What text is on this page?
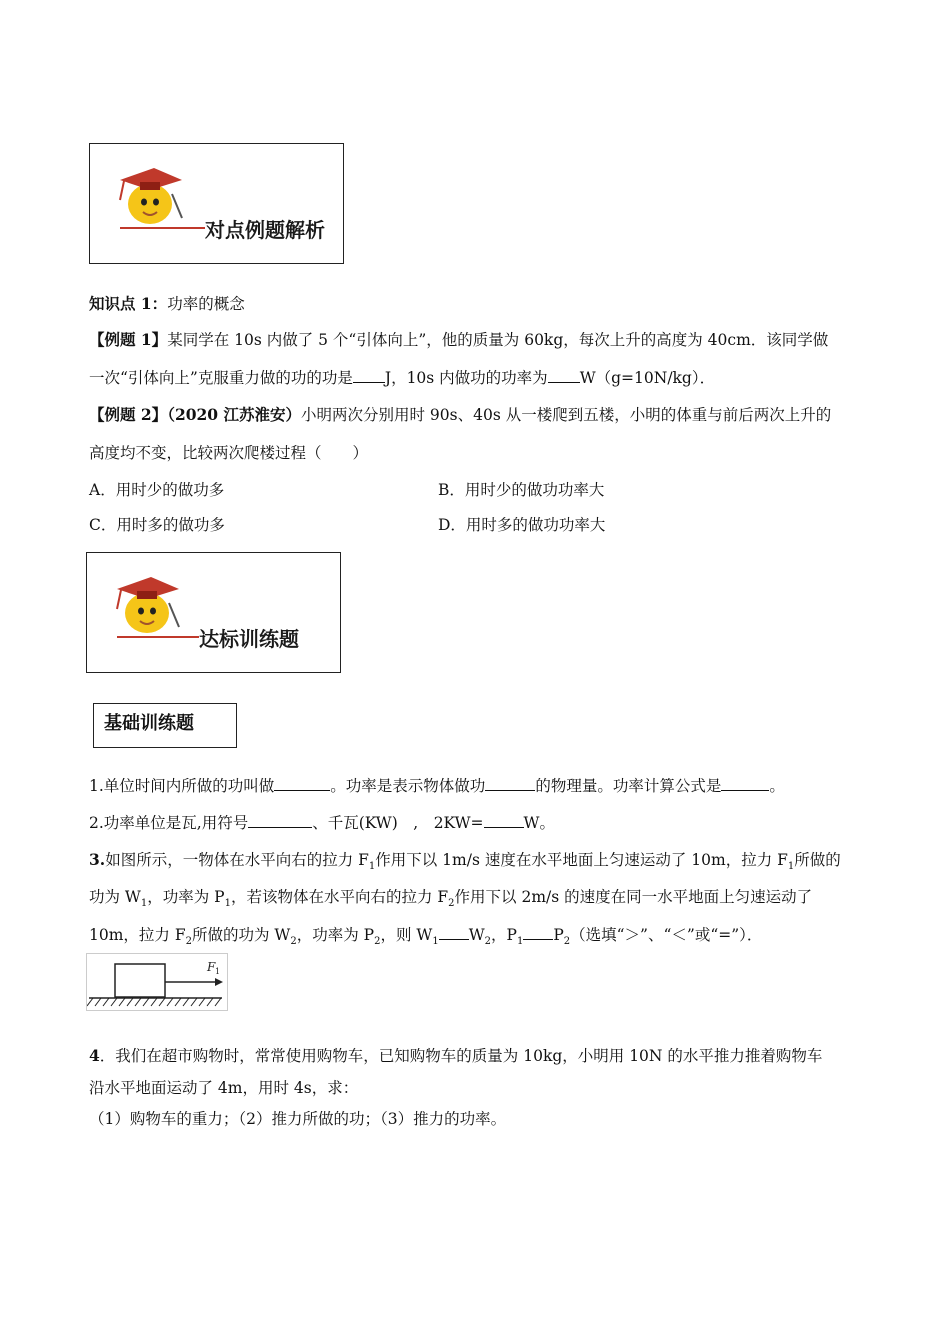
对点例题解析
知识点 1：功率的概念
【例题 1】某同学在 10s 内做了 5 个“引体向上”，他的质量为 60kg，每次上升的高度为 40cm．该同学做
一次“引体向上”克服重力做的功的功是 J，10s 内做功的功率为 W（g=10N/kg）．
【例题 2】（2020 江苏淮安）小明两次分别用时 90s、40s 从一楼爬到五楼，小明的体重与前后两次上升的
高度均不变，比较两次爬楼过程（　　）
A．用时少的做功多	B．用时少的做功功率大
C．用时多的做功多	D．用时多的做功功率大
达标训练题
基础训练题
1.单位时间内所做的功叫做	。功率是表示物体做功	的物理量。功率计算公式是	。
2.功率单位是瓦,用符号	、千瓦(KW)　,　2KW=	W。
3.如图所示，一物体在水平向右的拉力 $F_1$作用下以 1m/s 速度在水平地面上匀速运动了 10m，拉力 $F_1$所做的
功为 $W_1$，功率为 $P_1$，若该物体在水平向右的拉力 $F_2$作用下以 2m/s 的速度在同一水平地面上匀速运动了
10m，拉力 $F_2$所做的功为 $W_2$，功率为 $P_2$，则 $W_1$ $W_2$，$P_1$ $P_2$（选填“＞”、“＜”或“=”）．
F 1
4．我们在超市购物时，常常使用购物车，已知购物车的质量为 10kg，小明用 10N 的水平推力推着购物车
沿水平地面运动了 4m，用时 4s，求：
（1）购物车的重力；（2）推力所做的功；（3）推力的功率。
